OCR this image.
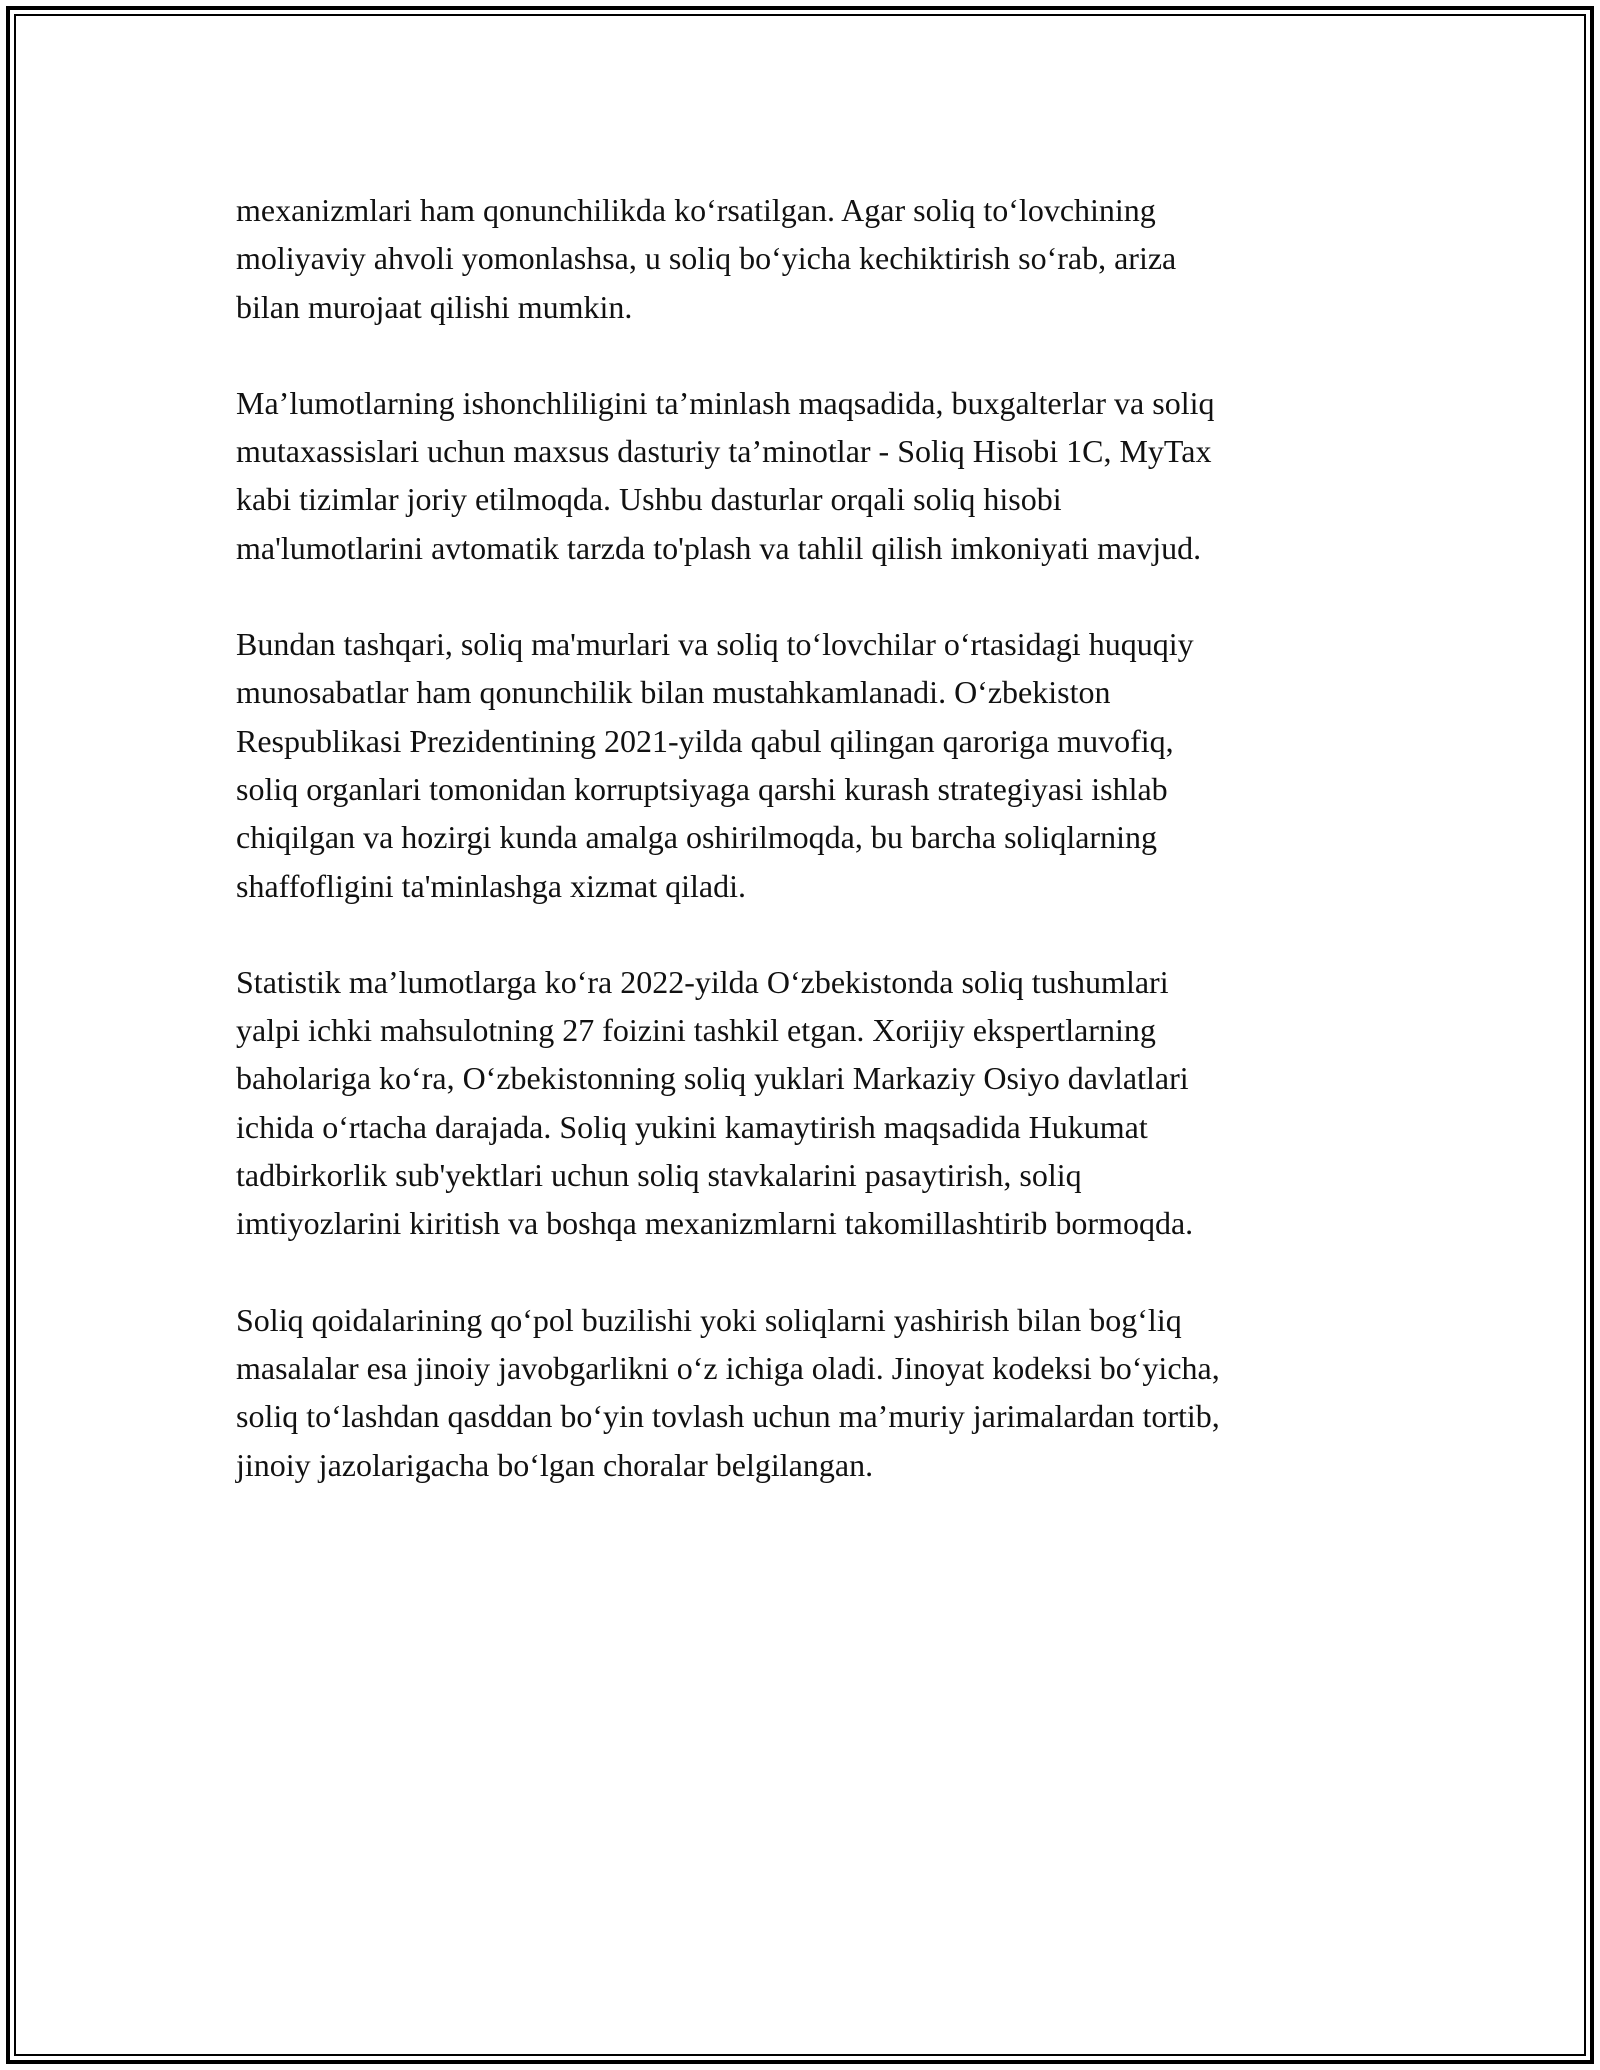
mexanizmlari ham qonunchilikda koʻrsatilgan. Agar soliq toʻlovchining
moliyaviy ahvoli yomonlashsa, u soliq boʻyicha kechiktirish soʻrab, ariza
bilan murojaat qilishi mumkin.

Ma’lumotlarning ishonchliligini ta’minlash maqsadida, buxgalterlar va soliq
mutaxassislari uchun maxsus dasturiy ta’minotlar - Soliq Hisobi 1C, MyTax
kabi tizimlar joriy etilmoqda. Ushbu dasturlar orqali soliq hisobi
ma'lumotlarini avtomatik tarzda to'plash va tahlil qilish imkoniyati mavjud.

Bundan tashqari, soliq ma'murlari va soliq toʻlovchilar oʻrtasidagi huquqiy
munosabatlar ham qonunchilik bilan mustahkamlanadi. Oʻzbekiston
Respublikasi Prezidentining 2021-yilda qabul qilingan qaroriga muvofiq,
soliq organlari tomonidan korruptsiyaga qarshi kurash strategiyasi ishlab
chiqilgan va hozirgi kunda amalga oshirilmoqda, bu barcha soliqlarning
shaffofligini ta'minlashga xizmat qiladi.

Statistik ma’lumotlarga koʻra 2022-yilda Oʻzbekistonda soliq tushumlari
yalpi ichki mahsulotning 27 foizini tashkil etgan. Xorijiy ekspertlarning
baholariga koʻra, Oʻzbekistonning soliq yuklari Markaziy Osiyo davlatlari
ichida oʻrtacha darajada. Soliq yukini kamaytirish maqsadida Hukumat
tadbirkorlik sub'yektlari uchun soliq stavkalarini pasaytirish, soliq
imtiyozlarini kiritish va boshqa mexanizmlarni takomillashtirib bormoqda.

Soliq qoidalarining qoʻpol buzilishi yoki soliqlarni yashirish bilan bogʻliq
masalalar esa jinoiy javobgarlikni oʻz ichiga oladi. Jinoyat kodeksi boʻyicha,
soliq toʻlashdan qasddan boʻyin tovlash uchun ma’muriy jarimalardan tortib,
jinoiy jazolarigacha boʻlgan choralar belgilangan.
